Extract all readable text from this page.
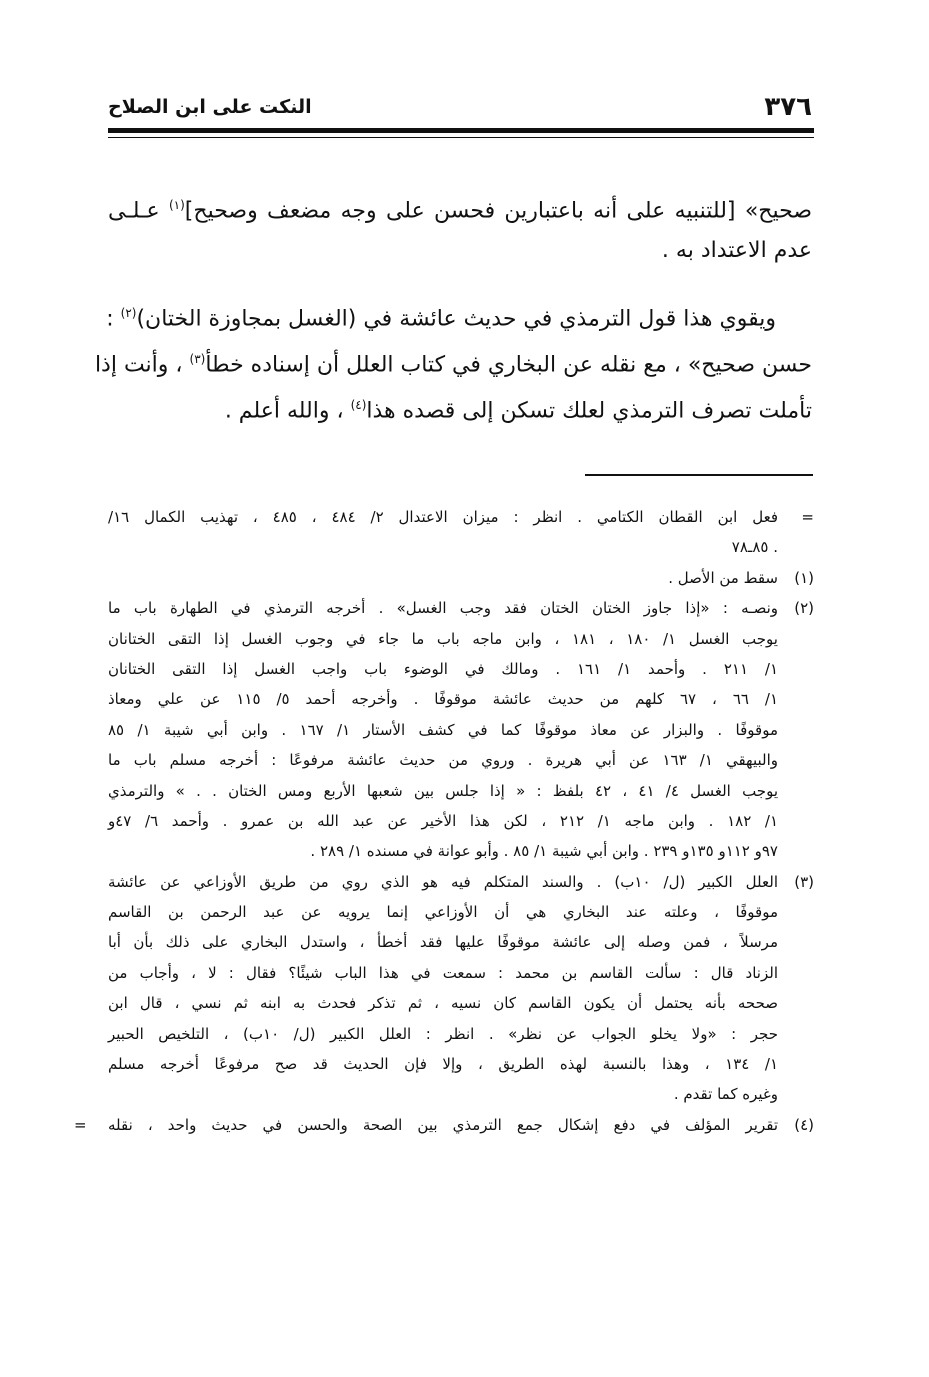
٣٧٦
النكت على ابن الصلاح
صحيح» [للتنبيه على أنه باعتبارين فحسن على وجه مضعف وصحيح]$^{(١)}$ عـلـى
عدم الاعتداد به .
ويقوي هذا قول الترمذي في حديث عائشة في (الغسل بمجاوزة الختان)$^{(٢)}$ :
حسن صحيح» ، مع نقله عن البخاري في كتاب العلل أن إسناده خطأ$^{(٣)}$ ، وأنت إذا
تأملت تصرف الترمذي لعلك تسكن إلى قصده هذا$^{(٤)}$ ، والله أعلم .
=
فعل ابن القطان الكتامي . انظر : ميزان الاعتدال ٢/ ٤٨٤ ، ٤٨٥ ، تهذيب الكمال ١٦/
. ٨٥ـ٧٨
(١)
سقط من الأصل .
(٢)
ونصـه : «إذا جاوز الختان الختان فقد وجب الغسل» . أخرجه الترمذي في الطهارة باب ما
يوجب الغسل ١/ ١٨٠ ، ١٨١ ، وابن ماجه باب ما جاء في وجوب الغسل إذا التقى الختانان
١/ ٢١١ . وأحمد ١/ ١٦١ . ومالك في الوضوء باب واجب الغسل إذا التقى الختانان
١/ ٦٦ ، ٦٧ كلهم من حديث عائشة موقوفًا . وأخرجه أحمد ٥/ ١١٥ عن علي ومعاذ
موقوفًا . والبزار عن معاذ موقوفًا كما في كشف الأستار ١/ ١٦٧ . وابن أبي شيبة ١/ ٨٥
والبيهقي ١/ ١٦٣ عن أبي هريرة . وروي من حديث عائشة مرفوعًا : أخرجه مسلم باب ما
يوجب الغسل ٤/ ٤١ ، ٤٢ بلفظ : « إذا جلس بين شعبها الأربع ومس الختان . . » والترمذي
١/ ١٨٢ . وابن ماجه ١/ ٢١٢ ، لكن هذا الأخير عن عبد الله بن عمرو . وأحمد ٦/ ٤٧و
٩٧و ١١٢و ١٣٥و ٢٣٩ . وابن أبي شيبة ١/ ٨٥ . وأبو عوانة في مسنده ١/ ٢٨٩ .
(٣)
العلل الكبير (ل/ ١٠ب) . والسند المتكلم فيه هو الذي روي من طريق الأوزاعي عن عائشة
موقوفًا ، وعلته عند البخاري هي أن الأوزاعي إنما يرويه عن عبد الرحمن بن القاسم
مرسلاً ، فمن وصله إلى عائشة موقوفًا عليها فقد أخطأ ، واستدل البخاري على ذلك بأن أبا
الزناد قال : سألت القاسم بن محمد : سمعت في هذا الباب شيئًا؟ فقال : لا ، وأجاب من
صححه بأنه يحتمل أن يكون القاسم كان نسيه ، ثم تذكر فحدث به ابنه ثم نسي ، قال ابن
حجر : «ولا يخلو الجواب عن نظر» . انظر : العلل الكبير (ل/ ١٠ب) ، التلخيص الحبير
١/ ١٣٤ ، وهذا بالنسبة لهذه الطريق ، وإلا فإن الحديث قد صح مرفوعًا أخرجه مسلم
وغيره كما تقدم .
(٤)
تقرير المؤلف في دفع إشكال جمع الترمذي بين الصحة والحسن في حديث واحد ، نقله
=
